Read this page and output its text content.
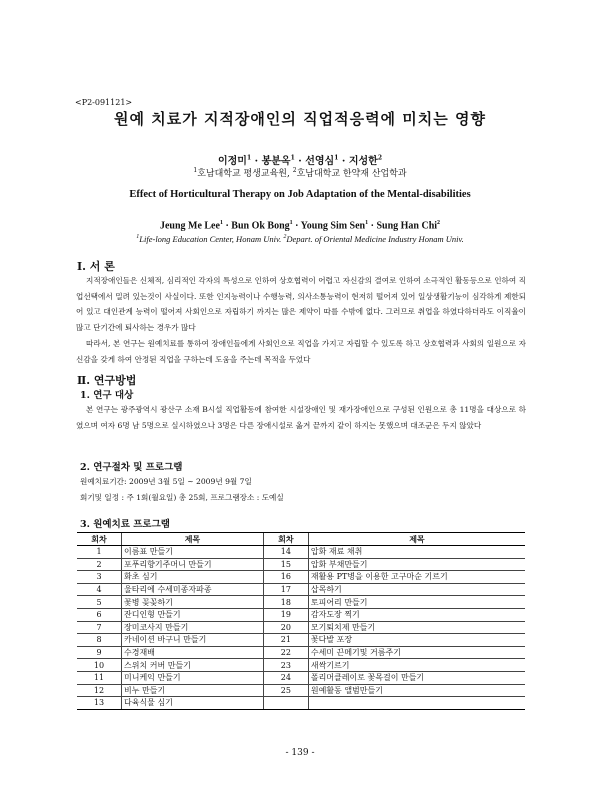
<P2-091121>
원예 치료가 지적장애인의 직업적응력에 미치는 영향
이정미$^1$ · 봉분옥$^1$ · 선영심$^1$ · 지성한$^2$
$^1$호남대학교 평생교육원, $^2$호남대학교 한약재 산업학과
Effect of Horticultural Therapy on Job Adaptation of the Mental-disabilities
Jeung Me Lee$^1$ · Bun Ok Bong$^1$ · Young Sim Sen$^1$ · Sung Han Chi$^2$
$^1$Life-long Education Center, Honam Univ. $^2$Depart. of Oriental Medicine Industry Honam Univ.
Ⅰ. 서 론
지적장애인들은 신체적, 심리적인 각자의 특성으로 인하여 상호협력이 어렵고 자신감의 결여로 인하여 소극적인 활동등으로 인하여 직업선택에서 밀려 있는것이 사실이다. 또한 인지능력이나 수행능력, 의사소통능력이 현저히 떨어져 있어 일상생활기능이 심각하게 제한되어 있고 대인관계 능력이 떨어져 사회인으로 자립하기 까지는 많은 제약이 따를 수밖에 없다. 그러므로 취업을 하였다하더라도 이직율이 많고 단기간에 퇴사하는 경우가 많다
따라서, 본 연구는 원예치료를 통하여 장애인들에게 사회인으로 직업을 가지고 자립할 수 있도록 하고 상호협력과 사회의 일원으로 자신감을 갖게 하여 안정된 직업을 구하는데 도움을 주는데 목적을 두었다
Ⅱ. 연구방법
1. 연구 대상
본 연구는 광주광역시 광산구 소재 B시설 직업활동에 참여한 시설장애인 및 재가장애인으로 구성된 인원으로 총 11명을 대상으로 하였으며 여자 6명 남 5명으로 실시하였으나 3명은 다른 장애시설로 옮겨 끝까지 같이 하지는 못했으며 대조군은 두지 않았다
2. 연구절차 및 프로그램
원예치료기간: 2009년 3월 5일 ~ 2009년 9월 7일
회기및 일정 : 주 1회(월요일) 총 25회, 프로그램장소 : 도예실
3. 원예치료 프로그램
회차	제목	회차	제목
1	이름표 만들기	14	압화 재료 채취
2	포푸리향기주머니 만들기	15	압화 부채만들기
3	화초 심기	16	재활용 PT병을 이용한 고구마순 기르기
4	울타리에 수세미종자파종	17	삽목하기
5	꽃병 꽂꽂하기	18	토피어리 만들기
6	잔디인형 만들기	19	감자도장 찍기
7	장미코사지 만들기	20	모기퇴치제 만들기
8	카네이션 바구니 만들기	21	꽃다발 포장
9	수경재배	22	수세미 끈메기및 거름주기
10	스위치 커버 만들기	23	새싹기르기
11	미니케익 만들기	24	폴리머클레이로 꽃목걸이 만들기
12	비누 만들기	25	원예활동 앨범만들기
13	다육식물 심기		
- 139 -
